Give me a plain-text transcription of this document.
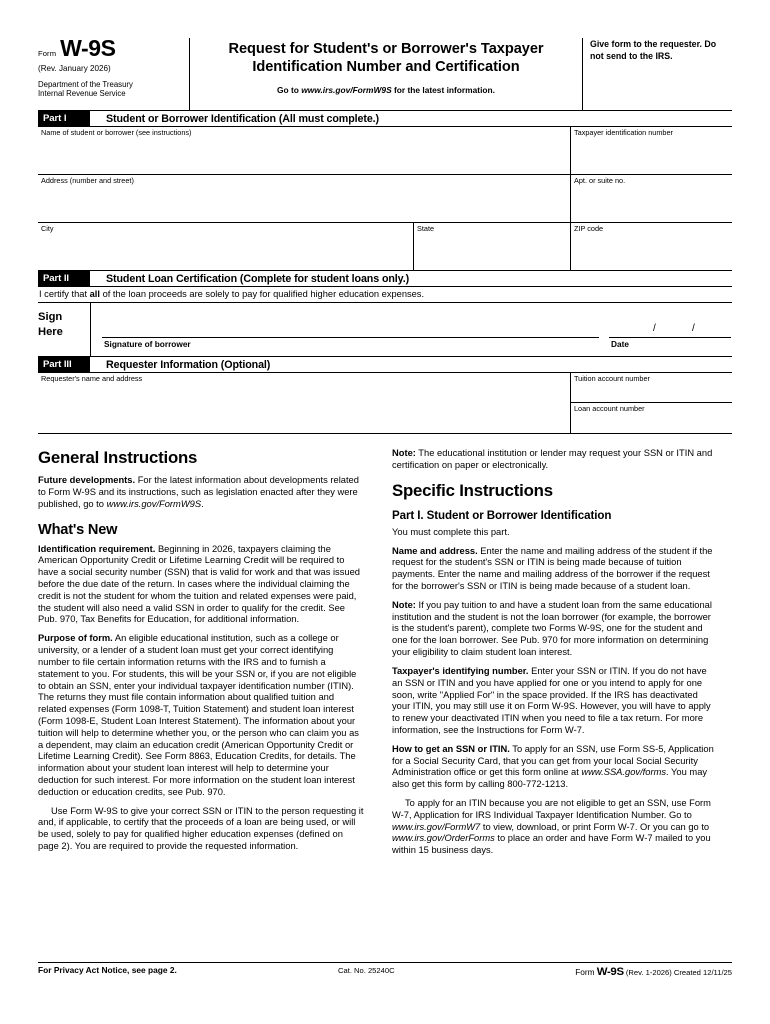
Form W-9S
(Rev. January 2026)
Department of the Treasury
Internal Revenue Service
Request for Student's or Borrower's Taxpayer
Identification Number and Certification
Go to www.irs.gov/FormW9S for the latest information.
Give form to the requester. Do not send to the IRS.
Part I	Student or Borrower Identification (All must complete.)
Name of student or borrower (see instructions)	Taxpayer identification number
Address (number and street)	Apt. or suite no.
City	State	ZIP code
Part II	Student Loan Certification (Complete for student loans only.)
I certify that all of the loan proceeds are solely to pay for qualified higher education expenses.
Sign
Here
Signature of borrower
/	/
Date
Part III	Requester Information (Optional)
Requester's name and address	Tuition account number
Loan account number
General Instructions

Future developments. For the latest information about developments related to Form W-9S and its instructions, such as legislation enacted after they were published, go to www.irs.gov/FormW9S.

What's New

Identification requirement. Beginning in 2026, taxpayers claiming the American Opportunity Credit or Lifetime Learning Credit will be required to have a social security number (SSN) that is valid for work and that was issued before the due date of the return. In cases where the individual claiming the credit is not the student for whom the tuition and related expenses were paid, the student will also need a valid SSN in order to qualify for the credit. See Pub. 970, Tax Benefits for Education, for additional information.

Purpose of form. An eligible educational institution, such as a college or university, or a lender of a student loan must get your correct identifying number to file certain information returns with the IRS and to furnish a statement to you. For students, this will be your SSN or, if you are not eligible to obtain an SSN, enter your individual taxpayer identification number (ITIN). The returns they must file contain information about qualified tuition and related expenses (Form 1098-T, Tuition Statement) and student loan interest (Form 1098-E, Student Loan Interest Statement). The information about your tuition will help to determine whether you, or the person who can claim you as a dependent, may claim an education credit (American Opportunity Credit or Lifetime Learning Credit). See Form 8863, Education Credits, for details. The information about your student loan interest will help to determine your deduction for such interest. For more information on the student loan interest deduction or education credits, see Pub. 970.

Use Form W-9S to give your correct SSN or ITIN to the person requesting it and, if applicable, to certify that the proceeds of a loan are being used, or will be used, solely to pay for qualified higher education expenses (defined on page 2). You are required to provide the requested information.

Note: The educational institution or lender may request your SSN or ITIN and certification on paper or electronically.

Specific Instructions
Part I. Student or Borrower Identification

You must complete this part.

Name and address. Enter the name and mailing address of the student if the request for the student's SSN or ITIN is being made because of tuition payments. Enter the name and mailing address of the borrower if the request for the borrower's SSN or ITIN is being made because of a student loan.

Note: If you pay tuition to and have a student loan from the same educational institution and the student is not the loan borrower (for example, the borrower is the student's parent), complete two Forms W-9S, one for the student and one for the loan borrower. See Pub. 970 for more information on determining your eligibility to claim student loan interest.

Taxpayer's identifying number. Enter your SSN or ITIN. If you do not have an SSN or ITIN and you have applied for one or you intend to apply for one soon, write "Applied For" in the space provided. If the IRS has deactivated your ITIN, you may still use it on Form W-9S. However, you will have to apply to renew your deactivated ITIN when you need to file a tax return. For more information, see the Instructions for Form W-7.

How to get an SSN or ITIN. To apply for an SSN, use Form SS-5, Application for a Social Security Card, that you can get from your local Social Security Administration office or get this form online at www.SSA.gov/forms. You may also get this form by calling 800-772-1213.

To apply for an ITIN because you are not eligible to get an SSN, use Form W-7, Application for IRS Individual Taxpayer Identification Number. Go to www.irs.gov/FormW7 to view, download, or print Form W-7. Or you can go to www.irs.gov/OrderForms to place an order and have Form W-7 mailed to you within 15 business days.

For Privacy Act Notice, see page 2.	Cat. No. 25240C	Form W-9S (Rev. 1-2026) Created 12/11/25
